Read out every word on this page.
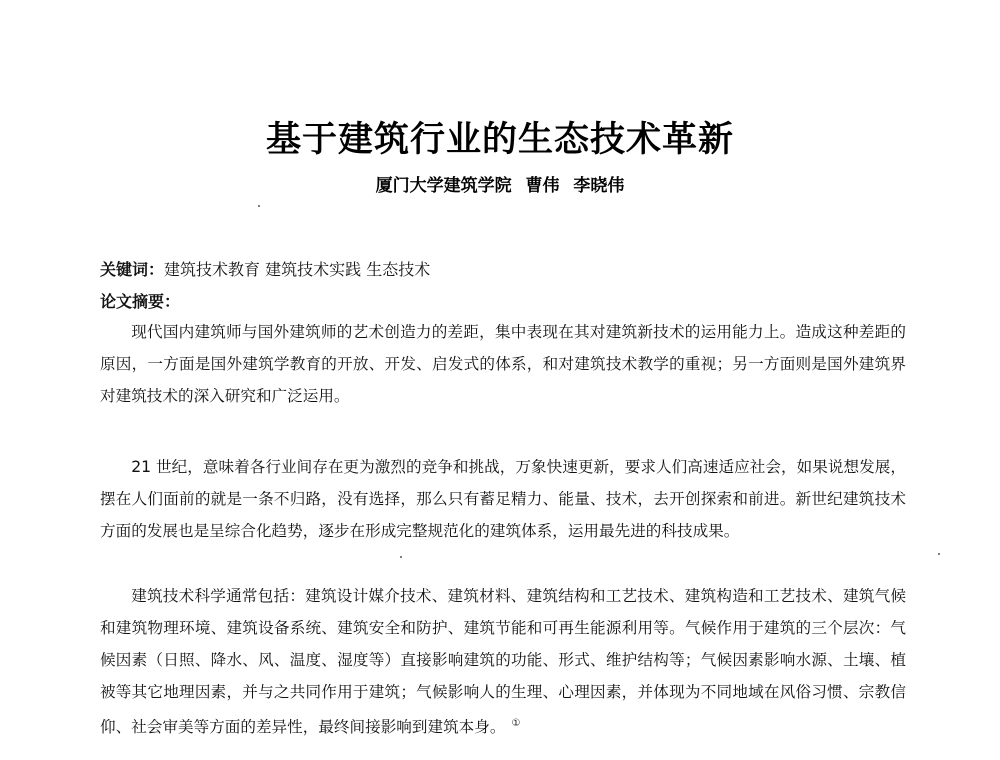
基于建筑行业的生态技术革新

厦门大学建筑学院 曹伟 李晓伟

关键词：建筑技术教育 建筑技术实践 生态技术

论文摘要：

现代国内建筑师与国外建筑师的艺术创造力的差距，集中表现在其对建筑新技术的运用能力上。造成这种差距的原因，一方面是国外建筑学教育的开放、开发、启发式的体系，和对建筑技术教学的重视；另一方面则是国外建筑界对建筑技术的深入研究和广泛运用。

21 世纪，意味着各行业间存在更为激烈的竞争和挑战，万象快速更新，要求人们高速适应社会，如果说想发展，摆在人们面前的就是一条不归路，没有选择，那么只有蓄足精力、能量、技术，去开创探索和前进。新世纪建筑技术方面的发展也是呈综合化趋势，逐步在形成完整规范化的建筑体系，运用最先进的科技成果。

建筑技术科学通常包括：建筑设计媒介技术、建筑材料、建筑结构和工艺技术、建筑构造和工艺技术、建筑气候和建筑物理环境、建筑设备系统、建筑安全和防护、建筑节能和可再生能源利用等。气候作用于建筑的三个层次：气候因素（日照、降水、风、温度、湿度等）直接影响建筑的功能、形式、维护结构等；气候因素影响水源、土壤、植被等其它地理因素，并与之共同作用于建筑；气候影响人的生理、心理因素，并体现为不同地域在风俗习惯、宗教信仰、社会审美等方面的差异性，最终间接影响到建筑本身。 ①
